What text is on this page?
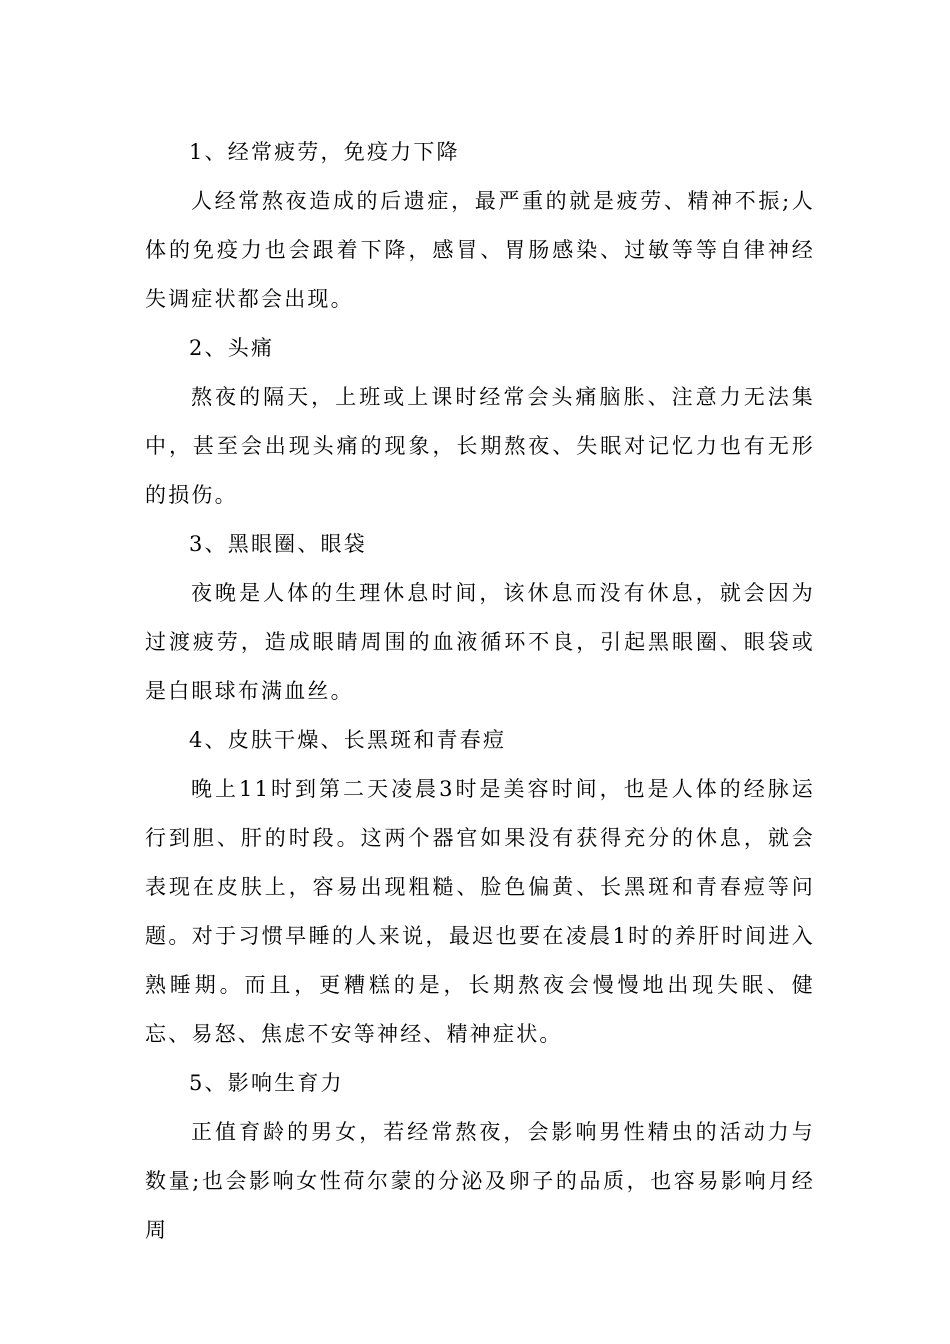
1、经常疲劳，免疫力下降

人经常熬夜造成的后遗症，最严重的就是疲劳、精神不振;人体的免疫力也会跟着下降，感冒、胃肠感染、过敏等等自律神经失调症状都会出现。

2、头痛

熬夜的隔天，上班或上课时经常会头痛脑胀、注意力无法集中，甚至会出现头痛的现象，长期熬夜、失眠对记忆力也有无形的损伤。

3、黑眼圈、眼袋

夜晚是人体的生理休息时间，该休息而没有休息，就会因为过渡疲劳，造成眼睛周围的血液循环不良，引起黑眼圈、眼袋或是白眼球布满血丝。

4、皮肤干燥、长黑斑和青春痘

晚上11时到第二天凌晨3时是美容时间，也是人体的经脉运行到胆、肝的时段。这两个器官如果没有获得充分的休息，就会表现在皮肤上，容易出现粗糙、脸色偏黄、长黑斑和青春痘等问题。对于习惯早睡的人来说，最迟也要在凌晨1时的养肝时间进入熟睡期。而且，更糟糕的是，长期熬夜会慢慢地出现失眠、健忘、易怒、焦虑不安等神经、精神症状。

5、影响生育力

正值育龄的男女，若经常熬夜，会影响男性精虫的活动力与数量;也会影响女性荷尔蒙的分泌及卵子的品质，也容易影响月经周
